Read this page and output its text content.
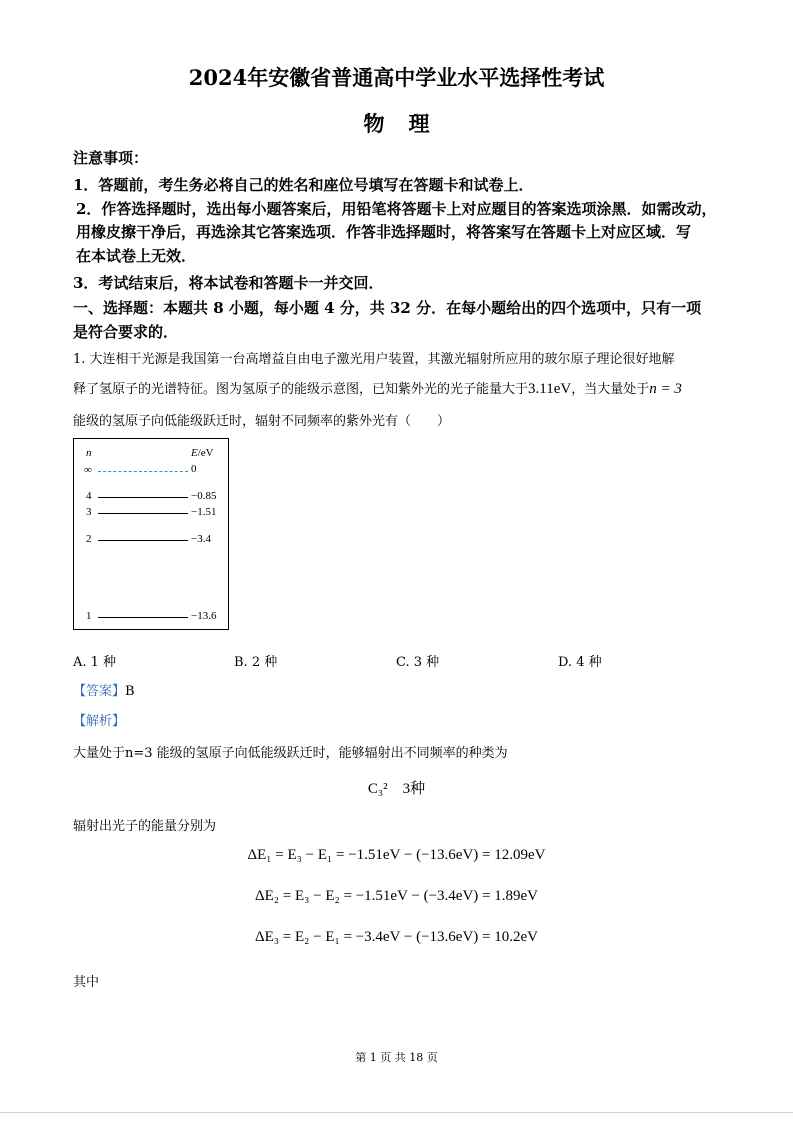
2024年安徽省普通高中学业水平选择性考试
物 理
注意事项：
1．答题前，考生务必将自己的姓名和座位号填写在答题卡和试卷上．
2．作答选择题时，选出每小题答案后，用铅笔将答题卡上对应题目的答案选项涂黑．如需改动，
用橡皮擦干净后，再选涂其它答案选项．作答非选择题时，将答案写在答题卡上对应区域．写
在本试卷上无效．
3．考试结束后，将本试卷和答题卡一并交回．
一、选择题：本题共 8 小题，每小题 4 分，共 32 分．在每小题给出的四个选项中，只有一项
是符合要求的．
1. 大连相干光源是我国第一台高增益自由电子激光用户装置，其激光辐射所应用的玻尔原子理论很好地解
释了氢原子的光谱特征。图为氢原子的能级示意图，已知紫外光的光子能量大于3.11eV，当大量处于n = 3
能级的氢原子向低能级跃迁时，辐射不同频率的紫外光有（　　）
n	E/eV
∞	0
4	−0.85
3	−1.51
2	−3.4
1	−13.6
A. 1 种	B. 2 种	C. 3 种	D. 4 种
【答案】B
【解析】
大量处于n=3 能级的氢原子向低能级跃迁时，能够辐射出不同频率的种类为
C₃²　3种
辐射出光子的能量分别为
ΔE₁ = E₃ − E₁ = −1.51eV − (−13.6eV) = 12.09eV
ΔE₂ = E₃ − E₂ = −1.51eV − (−3.4eV) = 1.89eV
ΔE₃ = E₂ − E₁ = −3.4eV − (−13.6eV) = 10.2eV
其中
第 1 页 共 18 页
